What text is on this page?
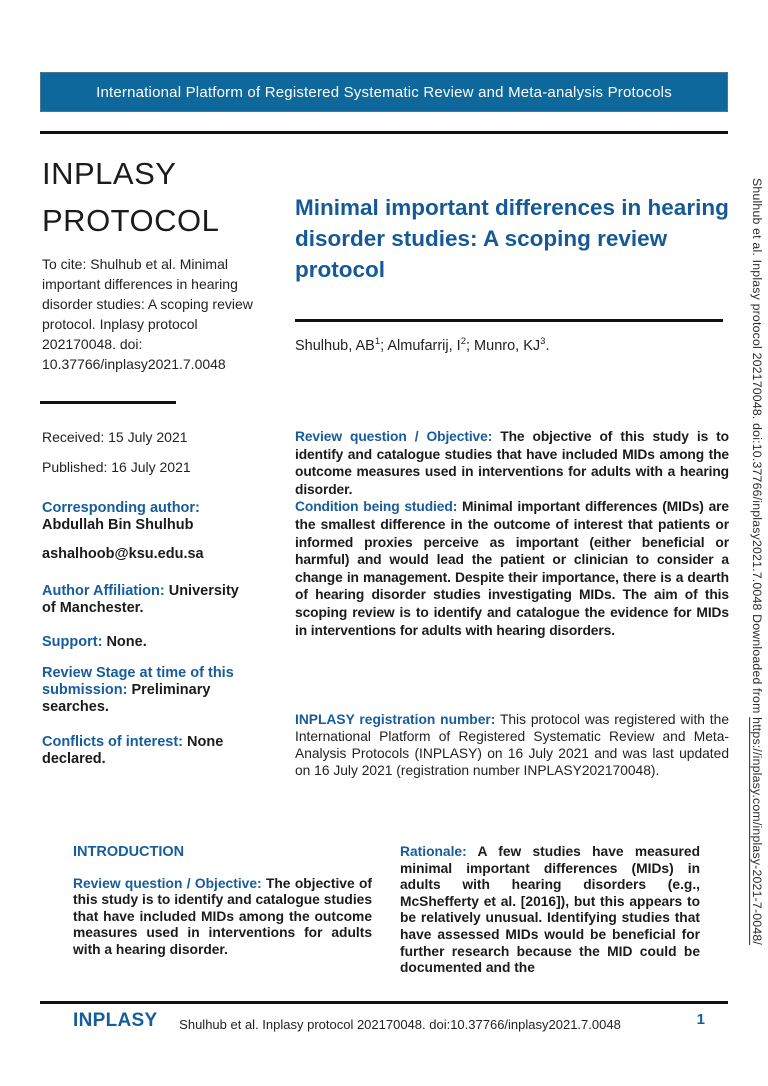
International Platform of Registered Systematic Review and Meta-analysis Protocols
INPLASY
PROTOCOL
To cite: Shulhub et al. Minimal important differences in hearing disorder studies: A scoping review protocol. Inplasy protocol 202170048. doi: 10.37766/inplasy2021.7.0048
Received: 15 July 2021
Published: 16 July 2021
Corresponding author: Abdullah Bin Shulhub
ashalhoob@ksu.edu.sa
Author Affiliation: University of Manchester.
Support: None.
Review Stage at time of this submission: Preliminary searches.
Conflicts of interest: None declared.
Minimal important differences in hearing disorder studies: A scoping review protocol
Shulhub, $AB^1$; Almufarrij, $I^2$; Munro, $KJ^3$.
Review question / Objective: The objective of this study is to identify and catalogue studies that have included MIDs among the outcome measures used in interventions for adults with a hearing disorder.
Condition being studied: Minimal important differences (MIDs) are the smallest difference in the outcome of interest that patients or informed proxies perceive as important (either beneficial or harmful) and would lead the patient or clinician to consider a change in management. Despite their importance, there is a dearth of hearing disorder studies investigating MIDs. The aim of this scoping review is to identify and catalogue the evidence for MIDs in interventions for adults with hearing disorders.
INPLASY registration number: This protocol was registered with the International Platform of Registered Systematic Review and Meta-Analysis Protocols (INPLASY) on 16 July 2021 and was last updated on 16 July 2021 (registration number INPLASY202170048).
INTRODUCTION
Review question / Objective: The objective of this study is to identify and catalogue studies that have included MIDs among the outcome measures used in interventions for adults with a hearing disorder.
Rationale: A few studies have measured minimal important differences (MIDs) in adults with hearing disorders (e.g., McShefferty et al. [2016]), but this appears to be relatively unusual. Identifying studies that have assessed MIDs would be beneficial for further research because the MID could be documented and the
INPLASY	Shulhub et al. Inplasy protocol 202170048. doi:10.37766/inplasy2021.7.0048	1
Shulhub et al. Inplasy protocol 202170048. doi:10.37766/inplasy2021.7.0048 Downloaded from https://inplasy.com/inplasy-2021-7-0048/
